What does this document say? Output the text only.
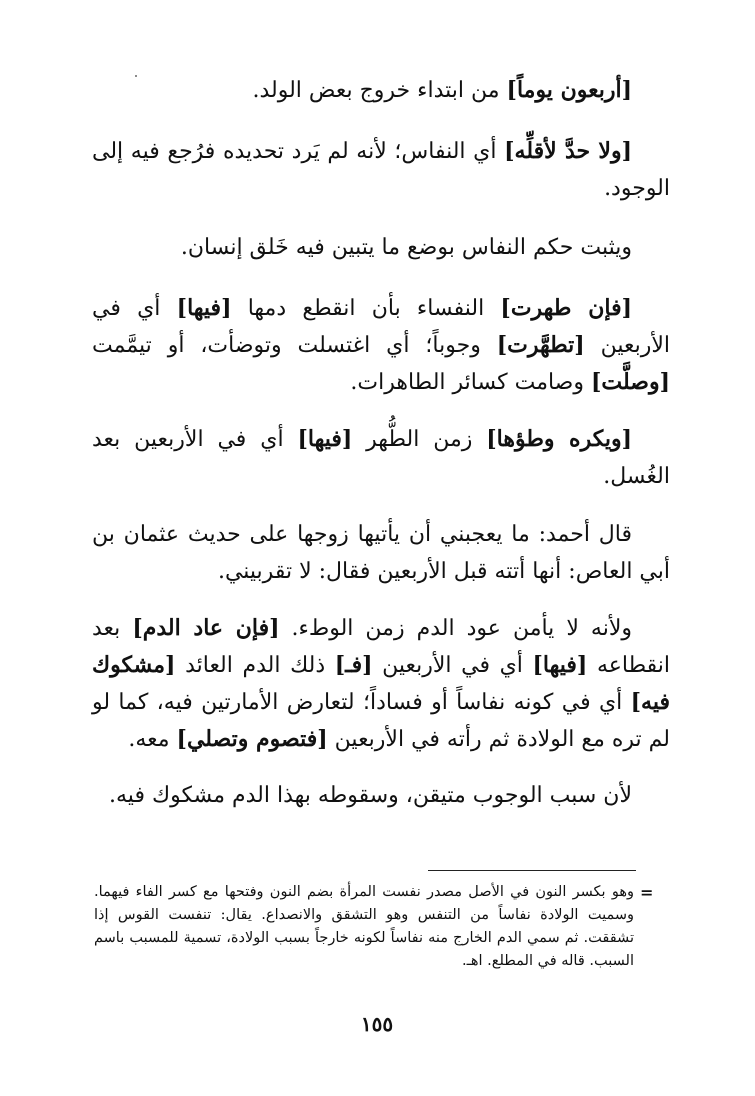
[أربعون يوماً] من ابتداء خروج بعض الولد.

[ولا حدَّ لأقلِّه] أي النفاس؛ لأنه لم يَرد تحديده فرُجع فيه إلى الوجود.

ويثبت حكم النفاس بوضع ما يتبين فيه خَلق إنسان.

[فإن طهرت] النفساء بأن انقطع دمها [فيها] أي في الأربعين [تطهَّرت] وجوباً؛ أي اغتسلت وتوضأت، أو تيمَّمت [وصلَّت] وصامت كسائر الطاهرات.

[ويكره وطؤها] زمن الطُّهر [فيها] أي في الأربعين بعد الغُسل.

قال أحمد: ما يعجبني أن يأتيها زوجها على حديث عثمان بن أبي العاص: أنها أتته قبل الأربعين فقال: لا تقربيني.

ولأنه لا يأمن عود الدم زمن الوطء. [فإن عاد الدم] بعد انقطاعه [فيها] أي في الأربعين [فـ] ذلك الدم العائد [مشكوك فيه] أي في كونه نفاساً أو فساداً؛ لتعارض الأمارتين فيه، كما لو لم تره مع الولادة ثم رأته في الأربعين [فتصوم وتصلي] معه.

لأن سبب الوجوب متيقن، وسقوطه بهذا الدم مشكوك فيه.

=

وهو بكسر النون في الأصل مصدر نفست المرأة بضم النون وفتحها مع كسر الفاء فيهما. وسميت الولادة نفاساً من التنفس وهو التشقق والانصداع. يقال: تنفست القوس إذا تشققت. ثم سمي الدم الخارج منه نفاساً لكونه خارجاً بسبب الولادة، تسمية للمسبب باسم السبب. قاله في المطلع. اهـ.

١٥٥
